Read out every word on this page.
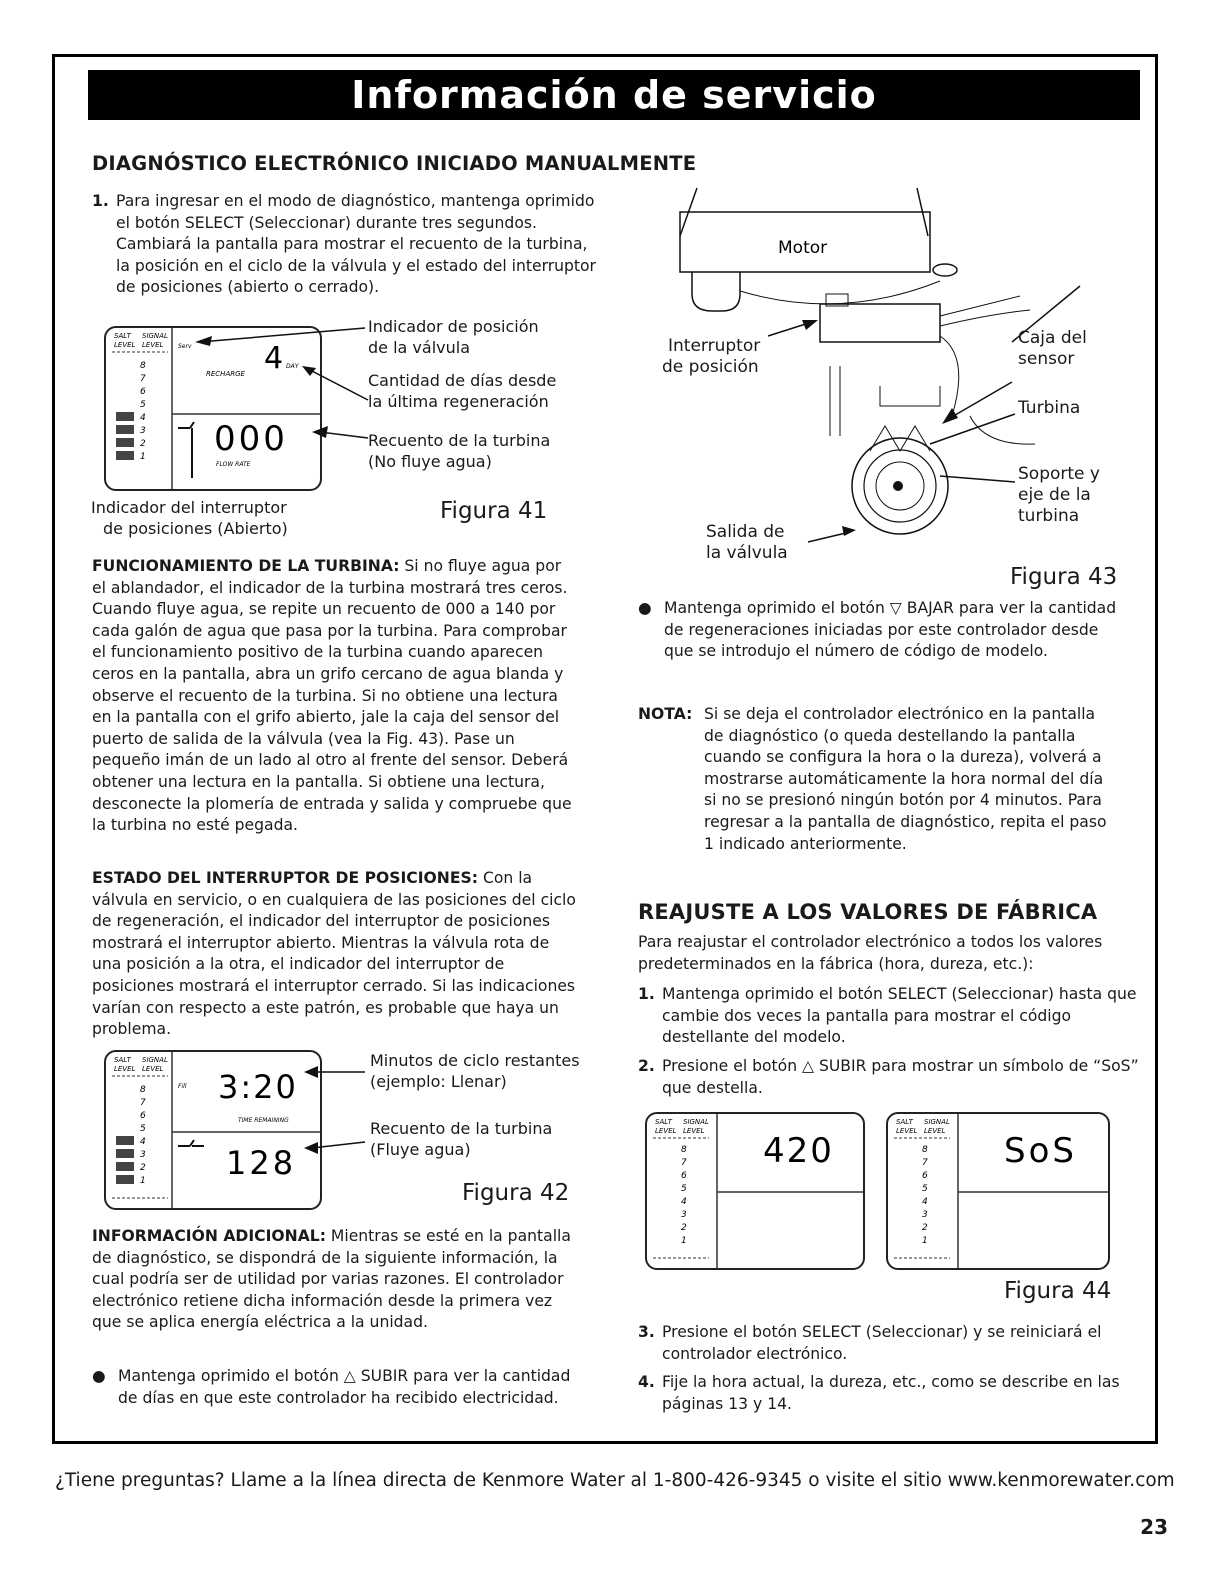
Información de servicio
DIAGNÓSTICO ELECTRÓNICO INICIADO MANUALMENTE
1. Para ingresar en el modo de diagnóstico, mantenga oprimido el botón SELECT (Seleccionar) durante tres segundos. Cambiará la pantalla para mostrar el recuento de la turbina, la posición en el ciclo de la válvula y el estado del interruptor de posiciones (abierto o cerrado).
SALT SIGNAL
LEVEL LEVEL
8
7
6
5
4
3
2
1
Serv 4
RECHARGE
DAY
000
FLOW RATE
Indicador de posición
de la válvula
Cantidad de días desde
la última regeneración
Recuento de la turbina
(No fluye agua)
Indicador del interruptor
de posiciones (Abierto)
Figura 41
FUNCIONAMIENTO DE LA TURBINA: Si no fluye agua por el ablandador, el indicador de la turbina mostrará tres ceros. Cuando fluye agua, se repite un recuento de 000 a 140 por cada galón de agua que pasa por la turbina. Para comprobar el funcionamiento positivo de la turbina cuando aparecen ceros en la pantalla, abra un grifo cercano de agua blanda y observe el recuento de la turbina. Si no obtiene una lectura en la pantalla con el grifo abierto, jale la caja del sensor del puerto de salida de la válvula (vea la Fig. 43). Pase un pequeño imán de un lado al otro al frente del sensor. Deberá obtener una lectura en la pantalla. Si obtiene una lectura, desconecte la plomería de entrada y salida y compruebe que la turbina no esté pegada.
ESTADO DEL INTERRUPTOR DE POSICIONES: Con la válvula en servicio, o en cualquiera de las posiciones del ciclo de regeneración, el indicador del interruptor de posiciones mostrará el interruptor abierto. Mientras la válvula rota de una posición a la otra, el indicador del interruptor de posiciones mostrará el interruptor cerrado. Si las indicaciones varían con respecto a este patrón, es probable que haya un problema.
SALT SIGNAL
LEVEL LEVEL
8
7
6
5
4
3
2
1
Fill 3:20
TIME REMAINING
128
Minutos de ciclo restantes
(ejemplo: Llenar)
Recuento de la turbina
(Fluye agua)
Figura 42
INFORMACIÓN ADICIONAL: Mientras se esté en la pantalla de diagnóstico, se dispondrá de la siguiente información, la cual podría ser de utilidad por varias razones. El controlador electrónico retiene dicha información desde la primera vez que se aplica energía eléctrica a la unidad.
● Mantenga oprimido el botón △ SUBIR para ver la cantidad de días en que este controlador ha recibido electricidad.
Motor
Interruptor
de posición
Caja del
sensor
Turbina
Soporte y
eje de la
turbina
Salida de
la válvula
Figura 43
● Mantenga oprimido el botón ▽ BAJAR para ver la cantidad de regeneraciones iniciadas por este controlador desde que se introdujo el número de código de modelo.
NOTA: Si se deja el controlador electrónico en la pantalla de diagnóstico (o queda destellando la pantalla cuando se configura la hora o la dureza), volverá a mostrarse automáticamente la hora normal del día si no se presionó ningún botón por 4 minutos. Para regresar a la pantalla de diagnóstico, repita el paso 1 indicado anteriormente.
REAJUSTE A LOS VALORES DE FÁBRICA
Para reajustar el controlador electrónico a todos los valores predeterminados en la fábrica (hora, dureza, etc.):
1. Mantenga oprimido el botón SELECT (Seleccionar) hasta que cambie dos veces la pantalla para mostrar el código destellante del modelo.
2. Presione el botón △ SUBIR para mostrar un símbolo de “SoS” que destella.
SALT SIGNAL
LEVEL LEVEL
8
7
6
5
4
3
2
1
420
SALT SIGNAL
LEVEL LEVEL
8
7
6
5
4
3
2
1
SoS
Figura 44
3. Presione el botón SELECT (Seleccionar) y se reiniciará el controlador electrónico.
4. Fije la hora actual, la dureza, etc., como se describe en las páginas 13 y 14.
¿Tiene preguntas? Llame a la línea directa de Kenmore Water al 1-800-426-9345 o visite el sitio www.kenmorewater.com
23
